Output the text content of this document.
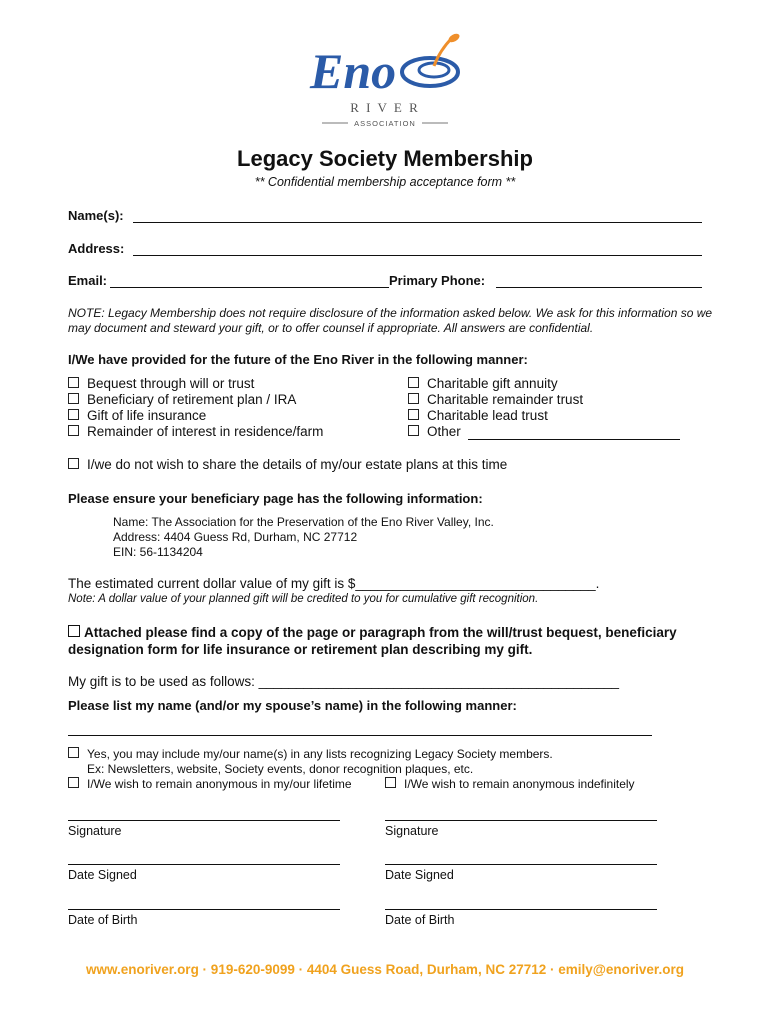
Eno
R I V E R
ASSOCIATION
Legacy Society Membership
** Confidential membership acceptance form **
Name(s):
Address:
Email:	Primary Phone:
NOTE: Legacy Membership does not require disclosure of the information asked below. We ask for this information so we may document and steward your gift, or to offer counsel if appropriate. All answers are confidential.
I/We have provided for the future of the Eno River in the following manner:
Bequest through will or trust
Beneficiary of retirement plan / IRA
Gift of life insurance
Remainder of interest in residence/farm
Charitable gift annuity
Charitable remainder trust
Charitable lead trust
Other
I/we do not wish to share the details of my/our estate plans at this time
Please ensure your beneficiary page has the following information:
Name: The Association for the Preservation of the Eno River Valley, Inc.
Address: 4404 Guess Rd, Durham, NC 27712
EIN: 56-1134204
The estimated current dollar value of my gift is $________________________________.
Note: A dollar value of your planned gift will be credited to you for cumulative gift recognition.
Attached please find a copy of the page or paragraph from the will/trust bequest, beneficiary designation form for life insurance or retirement plan describing my gift.
My gift is to be used as follows: ________________________________________________
Please list my name (and/or my spouse’s name) in the following manner:
Yes, you may include my/our name(s) in any lists recognizing Legacy Society members.
Ex: Newsletters, website, Society events, donor recognition plaques, etc.
I/We wish to remain anonymous in my/our lifetime	I/We wish to remain anonymous indefinitely
Signature	Signature
Date Signed	Date Signed
Date of Birth	Date of Birth
www.enoriver.org · 919-620-9099 · 4404 Guess Road, Durham, NC 27712 · emily@enoriver.org
